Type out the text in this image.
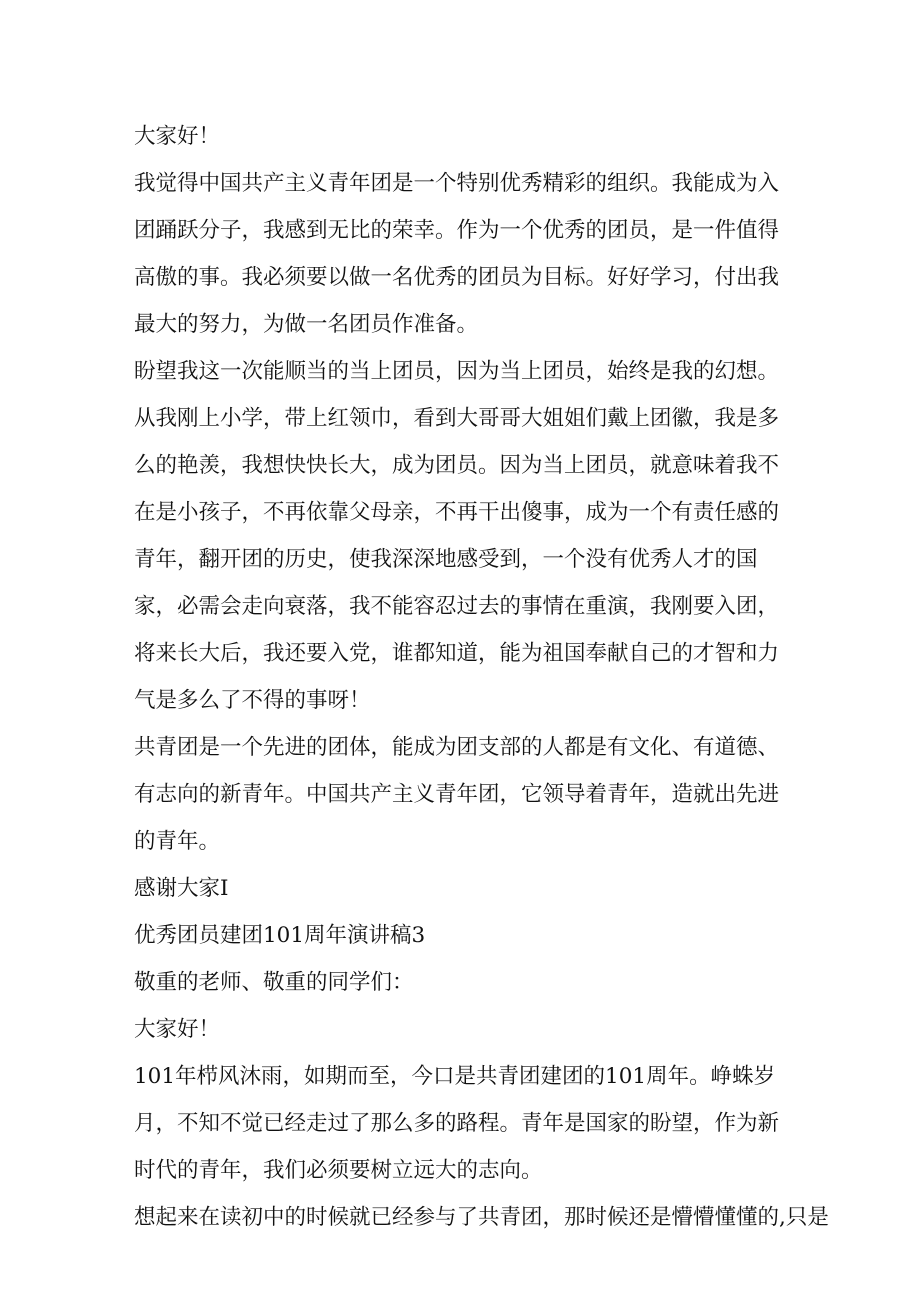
大家好！

我觉得中国共产主义青年团是一个特别优秀精彩的组织。我能成为入团踊跃分子，我感到无比的荣幸。作为一个优秀的团员，是一件值得高傲的事。我必须要以做一名优秀的团员为目标。好好学习，付出我最大的努力，为做一名团员作准备。

盼望我这一次能顺当的当上团员，因为当上团员，始终是我的幻想。从我刚上小学，带上红领巾，看到大哥哥大姐姐们戴上团徽，我是多么的艳羡，我想快快长大，成为团员。因为当上团员，就意味着我不在是小孩子，不再依靠父母亲，不再干出傻事，成为一个有责任感的青年，翻开团的历史，使我深深地感受到，一个没有优秀人才的国家，必需会走向衰落，我不能容忍过去的事情在重演，我刚要入团，将来长大后，我还要入党，谁都知道，能为祖国奉献自己的才智和力气是多么了不得的事呀！

共青团是一个先进的团体，能成为团支部的人都是有文化、有道德、有志向的新青年。中国共产主义青年团，它领导着青年，造就出先进的青年。

感谢大家I

优秀团员建团101周年演讲稿3

敬重的老师、敬重的同学们：

大家好！

101年栉风沐雨，如期而至，今口是共青团建团的101周年。峥蛛岁月，不知不觉已经走过了那么多的路程。青年是国家的盼望，作为新时代的青年，我们必须要树立远大的志向。

想起来在读初中的时候就已经参与了共青团，那时候还是懵懵懂懂的,只是
